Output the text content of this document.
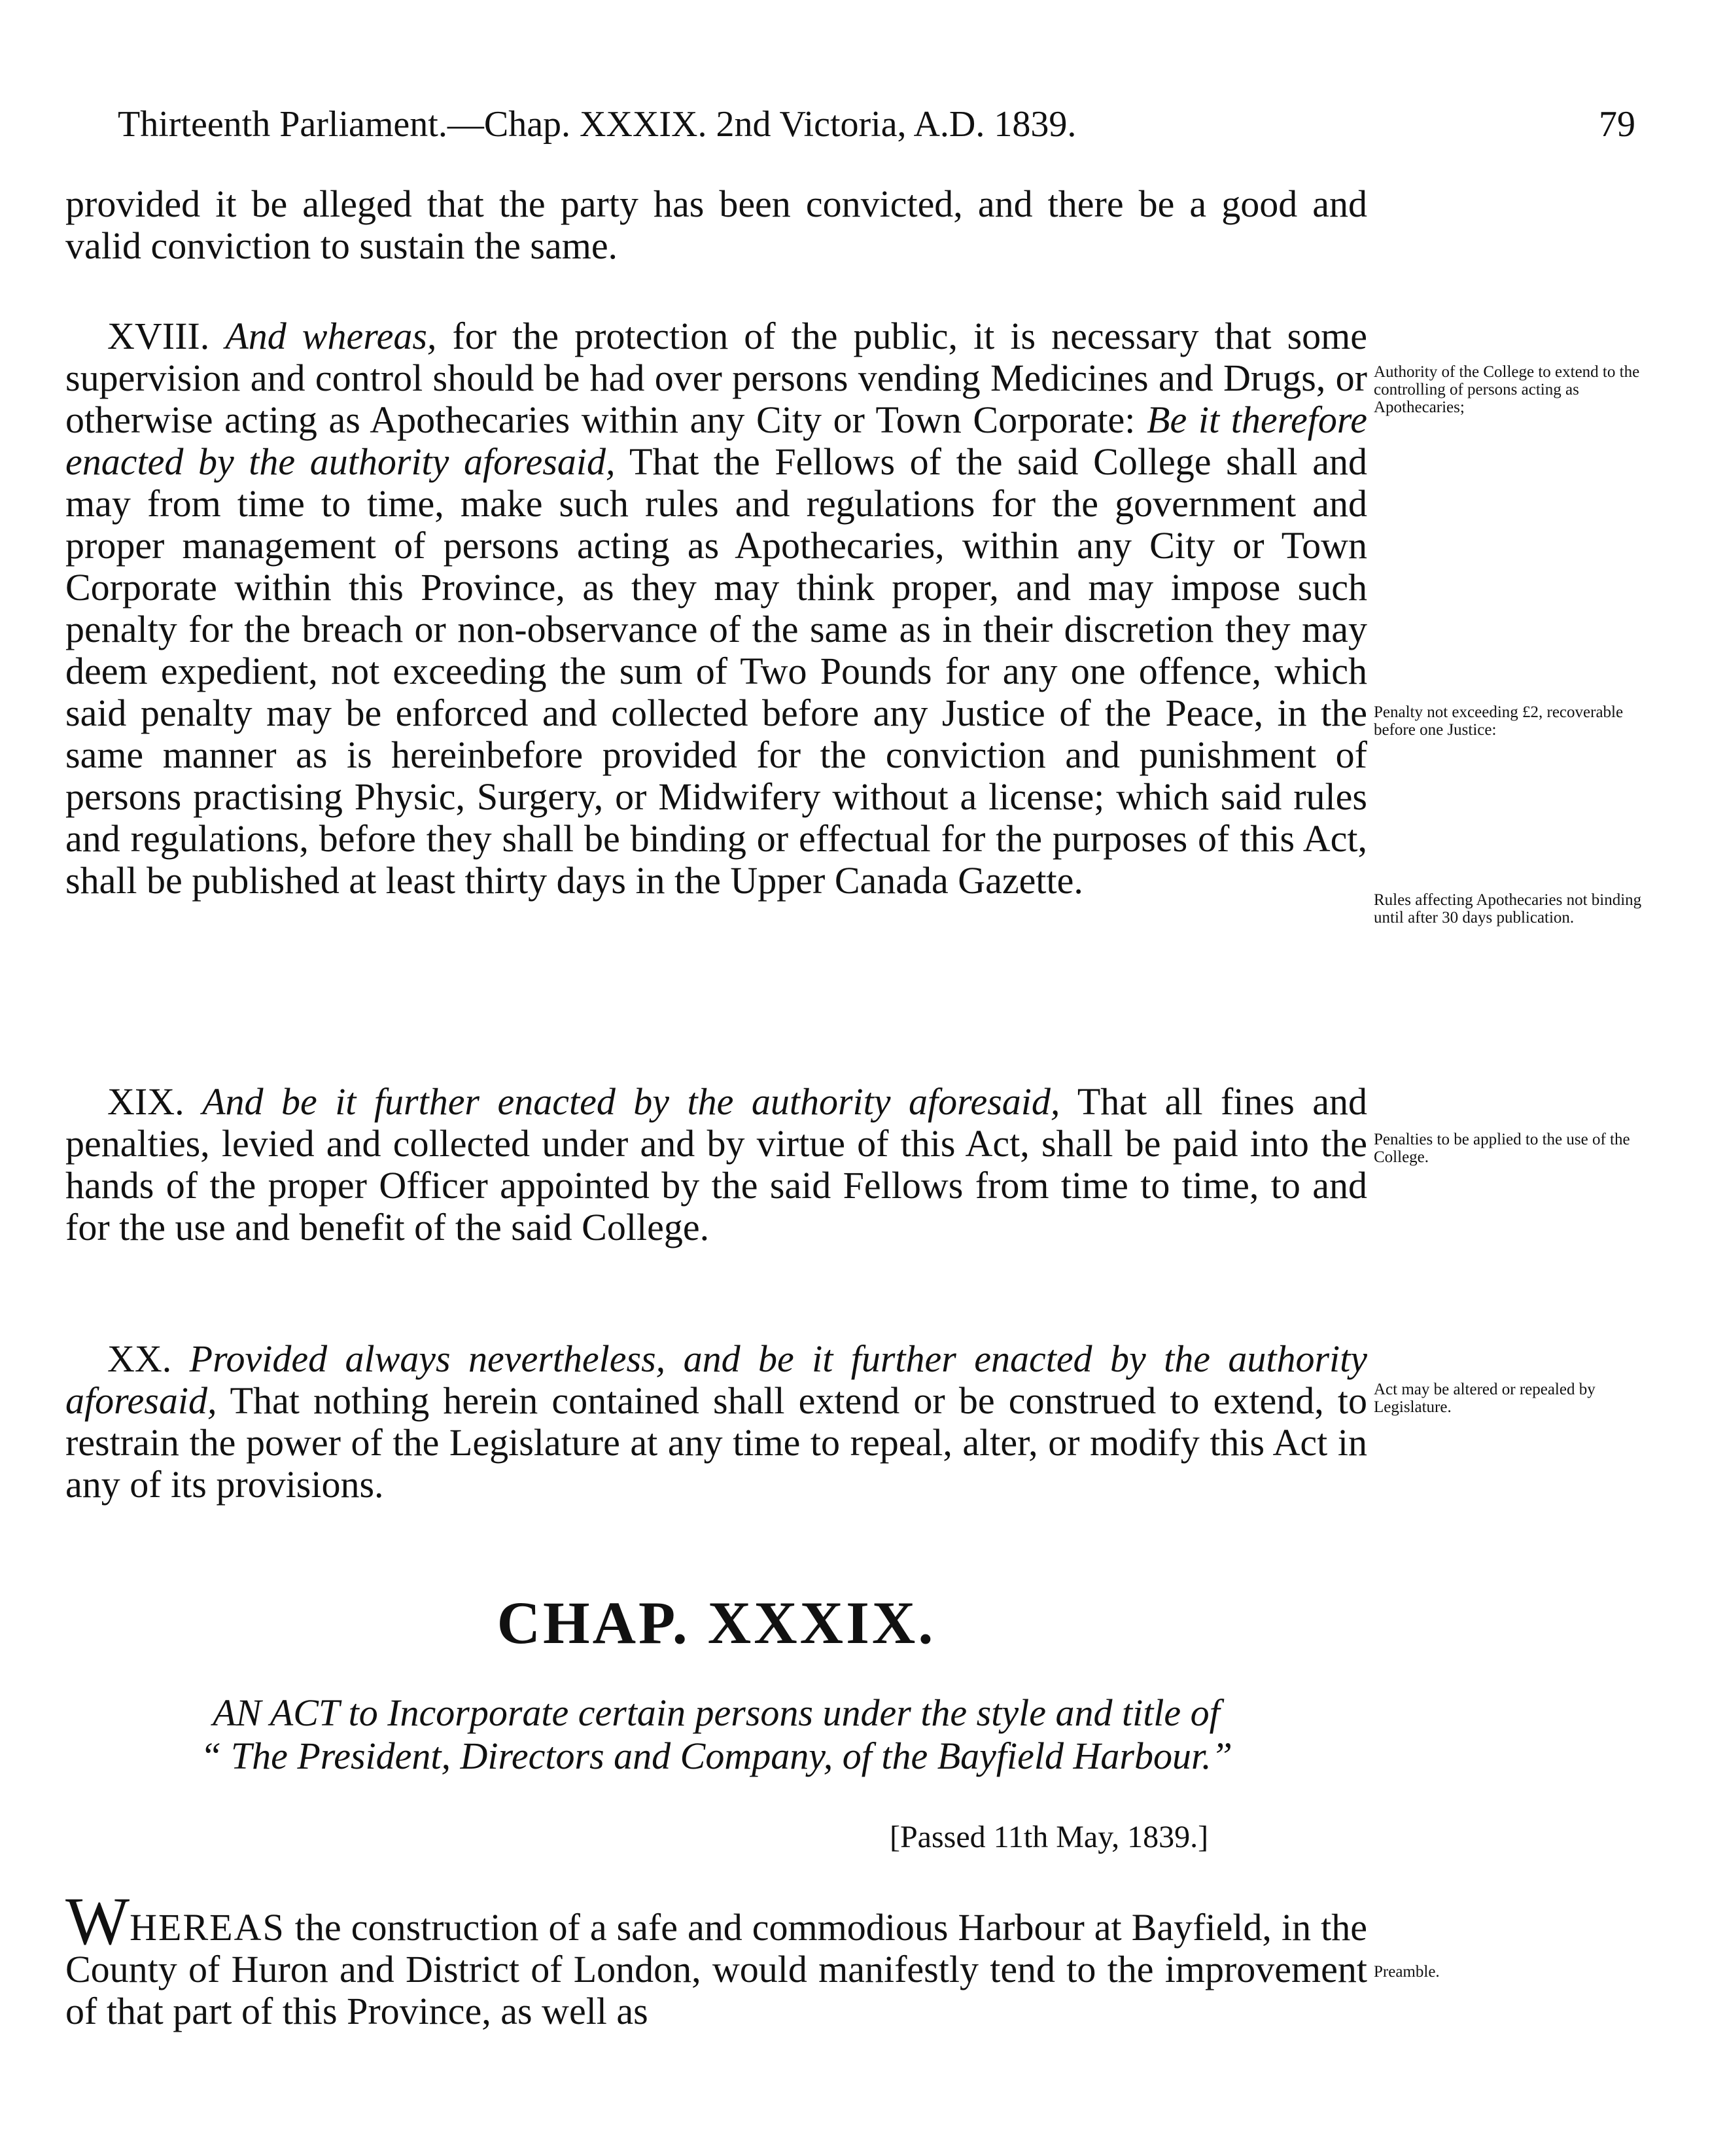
Thirteenth Parliament.—Chap. XXXIX. 2nd Victoria, A.D. 1839.	79

provided it be alleged that the party has been convicted, and there be a good and valid conviction to sustain the same.

XVIII. And whereas, for the protection of the public, it is necessary that some supervision and control should be had over persons vending Medicines and Drugs, or otherwise acting as Apothecaries within any City or Town Corporate: Be it therefore enacted by the authority aforesaid, That the Fellows of the said College shall and may from time to time, make such rules and regulations for the government and proper management of persons acting as Apothecaries, within any City or Town Corporate within this Province, as they may think proper, and may impose such penalty for the breach or non-observance of the same as in their discretion they may deem expedient, not exceeding the sum of Two Pounds for any one offence, which said penalty may be enforced and collected before any Justice of the Peace, in the same manner as is hereinbefore provided for the conviction and punishment of persons practising Physic, Surgery, or Midwifery without a license; which said rules and regulations, before they shall be binding or effectual for the purposes of this Act, shall be published at least thirty days in the Upper Canada Gazette.

XIX. And be it further enacted by the authority aforesaid, That all fines and penalties, levied and collected under and by virtue of this Act, shall be paid into the hands of the proper Officer appointed by the said Fellows from time to time, to and for the use and benefit of the said College.

XX. Provided always nevertheless, and be it further enacted by the authority aforesaid, That nothing herein contained shall extend or be construed to extend, to restrain the power of the Legislature at any time to repeal, alter, or modify this Act in any of its provisions.

Authority of the College to extend to the controlling of persons acting as Apothecaries;
Penalty not exceeding £2, recoverable before one Justice:
Rules affecting Apothecaries not binding until after 30 days publication.
Penalties to be applied to the use of the College.
Act may be altered or repealed by Legislature.
Preamble.
CHAP. XXXIX.
AN ACT to Incorporate certain persons under the style and title of
“ The President, Directors and Company, of the Bayfield Harbour.”
[Passed 11th May, 1839.]

WHEREAS the construction of a safe and commodious Harbour at Bayfield, in the County of Huron and District of London, would manifestly tend to the improvement of that part of this Province, as well as
